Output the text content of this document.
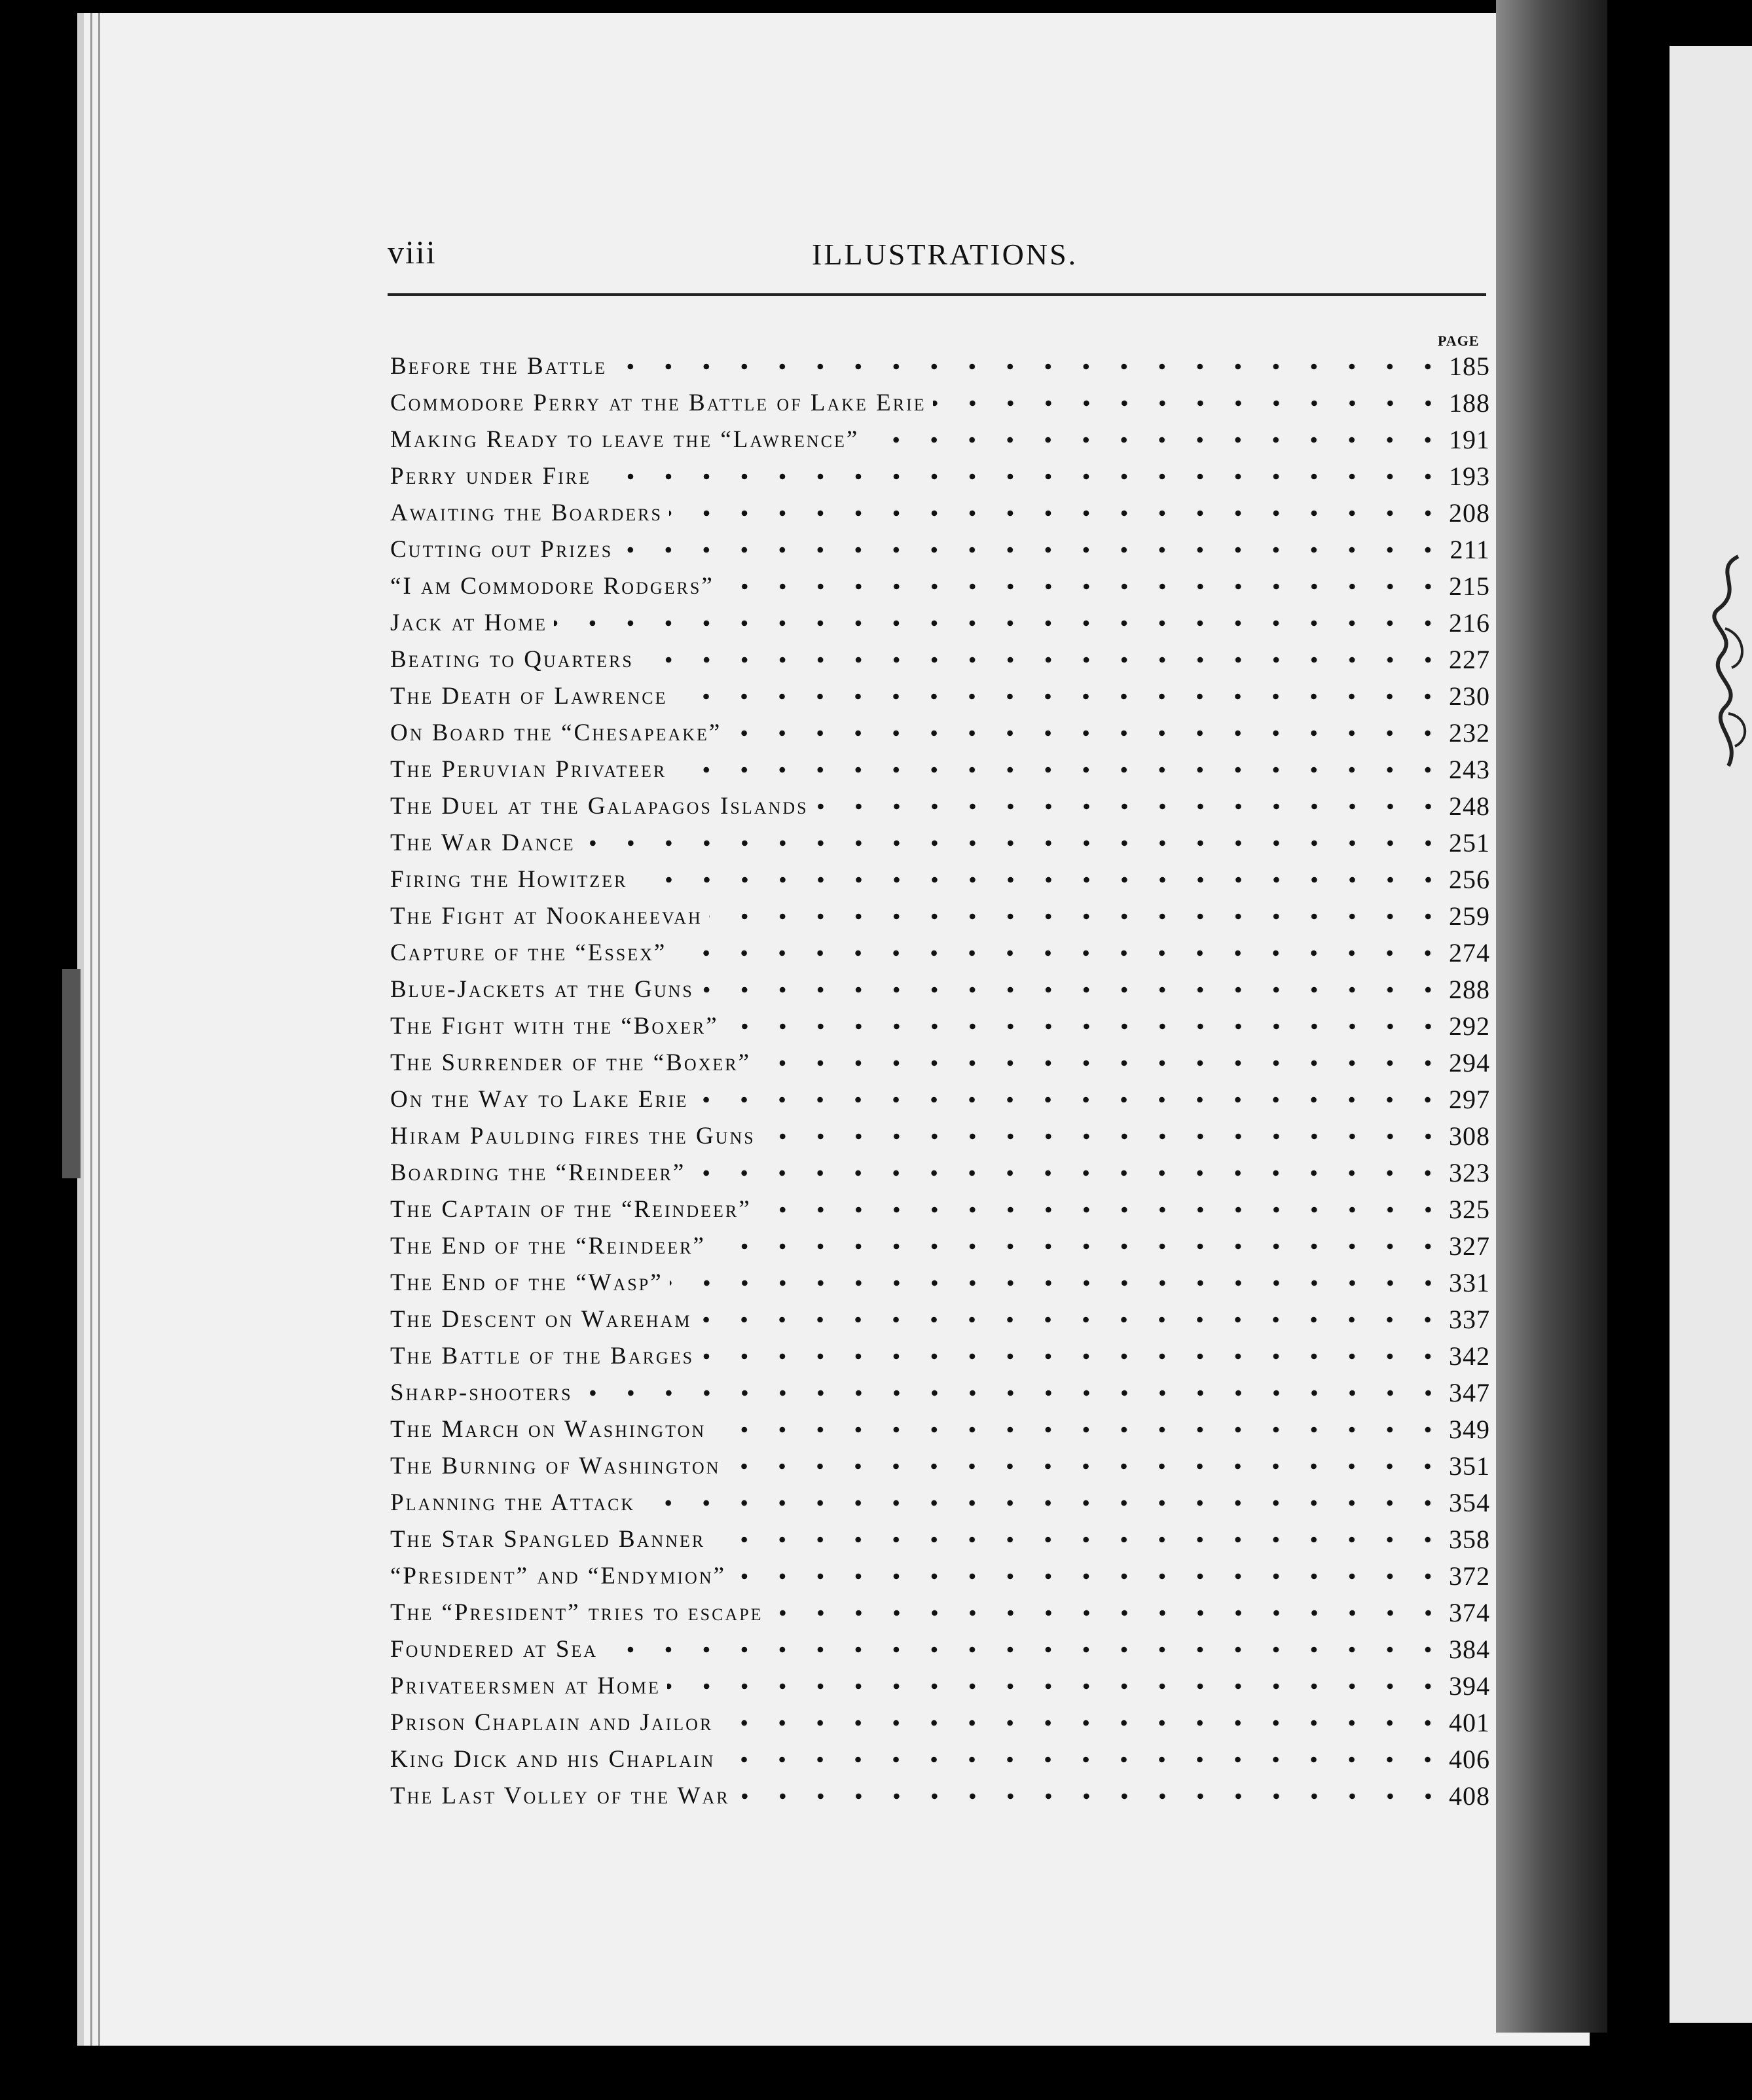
viii	ILLUSTRATIONS.
PAGE
Before the Battle	185
Commodore Perry at the Battle of Lake Erie	188
Making Ready to leave the “Lawrence”	191
Perry under Fire	193
Awaiting the Boarders	208
Cutting out Prizes	211
“I am Commodore Rodgers”	215
Jack at Home	216
Beating to Quarters	227
The Death of Lawrence	230
On Board the “Chesapeake”	232
The Peruvian Privateer	243
The Duel at the Galapagos Islands	248
The War Dance	251
Firing the Howitzer	256
The Fight at Nookaheevah	259
Capture of the “Essex”	274
Blue-Jackets at the Guns	288
The Fight with the “Boxer”	292
The Surrender of the “Boxer”	294
On the Way to Lake Erie	297
Hiram Paulding fires the Guns	308
Boarding the “Reindeer”	323
The Captain of the “Reindeer”	325
The End of the “Reindeer”	327
The End of the “Wasp”	331
The Descent on Wareham	337
The Battle of the Barges	342
Sharp-shooters	347
The March on Washington	349
The Burning of Washington	351
Planning the Attack	354
The Star Spangled Banner	358
“President” and “Endymion”	372
The “President” tries to escape	374
Foundered at Sea	384
Privateersmen at Home	394
Prison Chaplain and Jailor	401
King Dick and his Chaplain	406
The Last Volley of the War	408
